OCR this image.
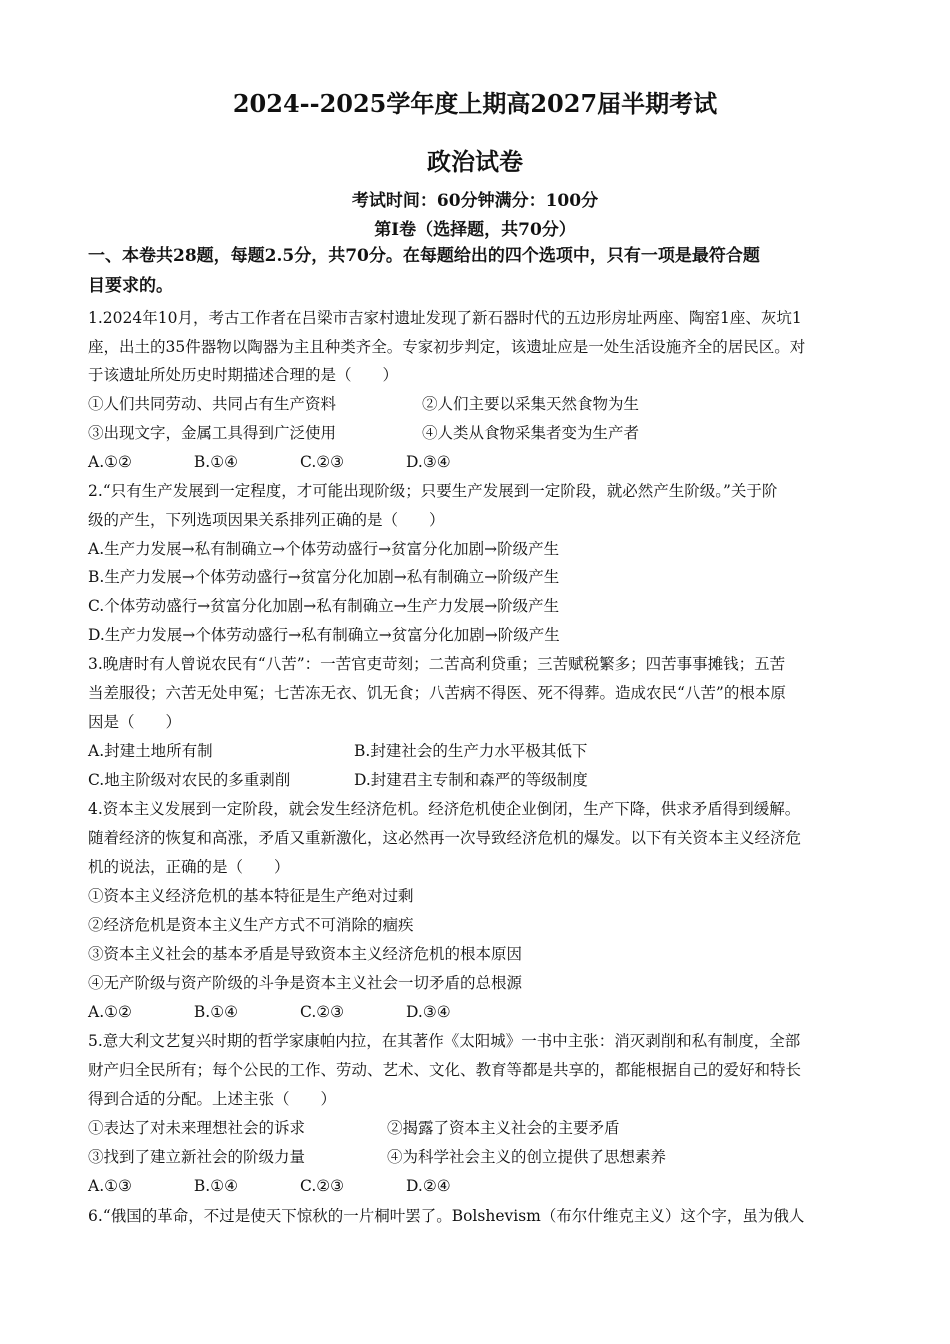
2024--2025学年度上期高2027届半期考试
政治试卷
考试时间：60分钟满分：100分
第Ⅰ卷（选择题，共70分）
一、本卷共28题，每题2.5分，共70分。在每题给出的四个选项中，只有一项是最符合题
目要求的。
1.2024年10月，考古工作者在吕梁市吉家村遗址发现了新石器时代的五边形房址两座、陶窑1座、灰坑1
座，出土的35件器物以陶器为主且种类齐全。专家初步判定，该遗址应是一处生活设施齐全的居民区。对
于该遗址所处历史时期描述合理的是（　　）
①人们共同劳动、共同占有生产资料	②人们主要以采集天然食物为生
③出现文字，金属工具得到广泛使用	④人类从食物采集者变为生产者
A.①②　　　　B.①④　　　　C.②③　　　　D.③④
2.“只有生产发展到一定程度，才可能出现阶级；只要生产发展到一定阶段，就必然产生阶级。”关于阶
级的产生，下列选项因果关系排列正确的是（　　）
A.生产力发展→私有制确立→个体劳动盛行→贫富分化加剧→阶级产生
B.生产力发展→个体劳动盛行→贫富分化加剧→私有制确立→阶级产生
C.个体劳动盛行→贫富分化加剧→私有制确立→生产力发展→阶级产生
D.生产力发展→个体劳动盛行→私有制确立→贫富分化加剧→阶级产生
3.晚唐时有人曾说农民有“八苦”：一苦官吏苛刻；二苦高利贷重；三苦赋税繁多；四苦事事摊钱；五苦
当差服役；六苦无处申冤；七苦冻无衣、饥无食；八苦病不得医、死不得葬。造成农民“八苦”的根本原
因是（　　）
A.封建土地所有制	B.封建社会的生产力水平极其低下
C.地主阶级对农民的多重剥削	D.封建君主专制和森严的等级制度
4.资本主义发展到一定阶段，就会发生经济危机。经济危机使企业倒闭，生产下降，供求矛盾得到缓解。
随着经济的恢复和高涨，矛盾又重新激化，这必然再一次导致经济危机的爆发。以下有关资本主义经济危
机的说法，正确的是（　　）
①资本主义经济危机的基本特征是生产绝对过剩
②经济危机是资本主义生产方式不可消除的痼疾
③资本主义社会的基本矛盾是导致资本主义经济危机的根本原因
④无产阶级与资产阶级的斗争是资本主义社会一切矛盾的总根源
A.①②　　　　B.①④　　　　C.②③　　　　D.③④
5.意大利文艺复兴时期的哲学家康帕内拉，在其著作《太阳城》一书中主张：消灭剥削和私有制度，全部
财产归全民所有；每个公民的工作、劳动、艺术、文化、教育等都是共享的，都能根据自己的爱好和特长
得到合适的分配。上述主张（　　）
①表达了对未来理想社会的诉求	②揭露了资本主义社会的主要矛盾
③找到了建立新社会的阶级力量	④为科学社会主义的创立提供了思想素养
A.①③　　　　B.①④　　　　C.②③　　　　D.②④
6.“俄国的革命，不过是使天下惊秋的一片桐叶罢了。Bolshevism（布尔什维克主义）这个字，虽为俄人
